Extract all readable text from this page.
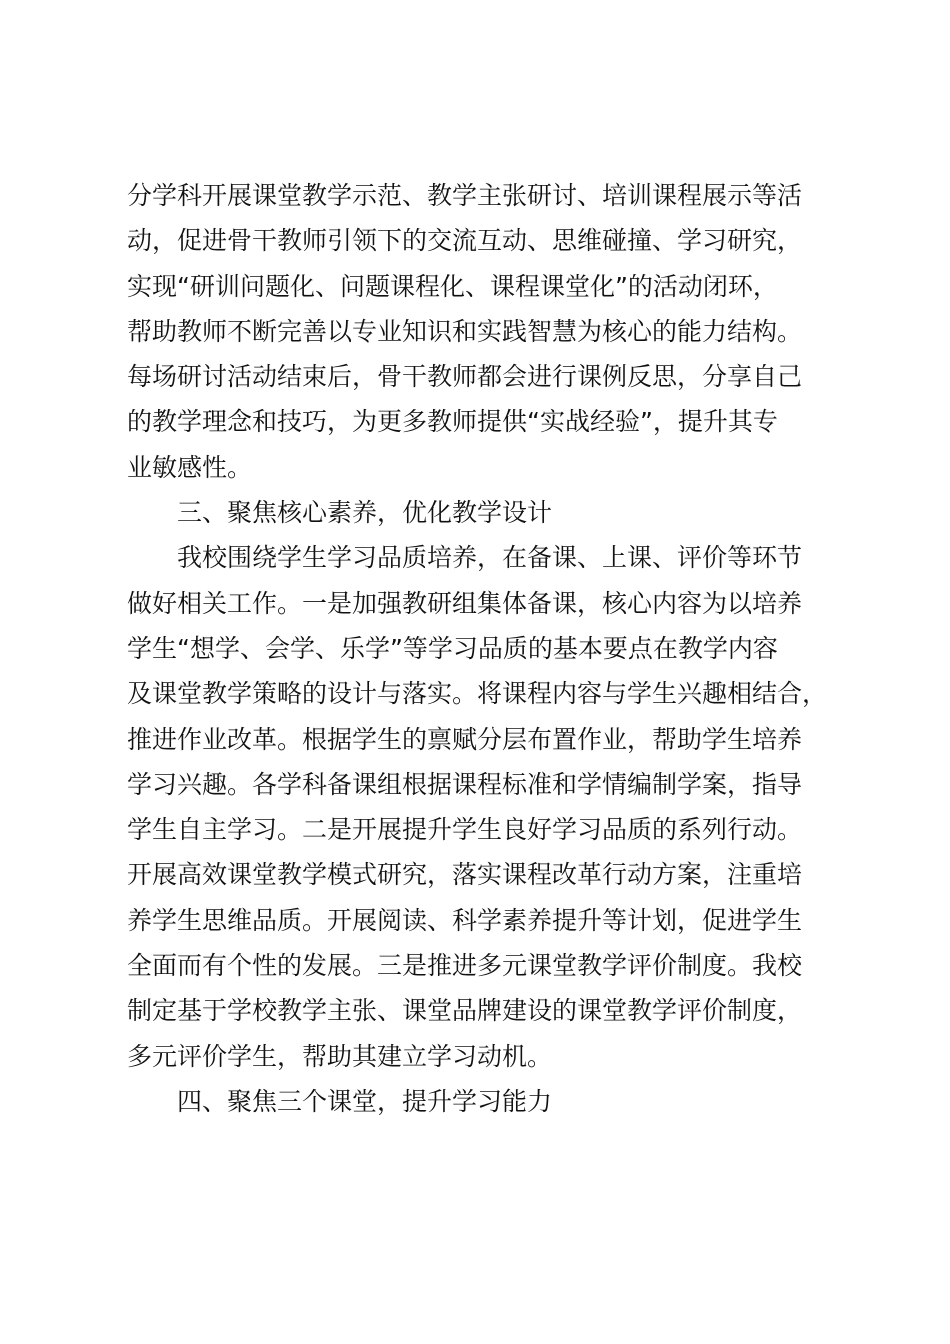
分学科开展课堂教学示范、教学主张研讨、培训课程展示等活
动，促进骨干教师引领下的交流互动、思维碰撞、学习研究，
实现“研训问题化、问题课程化、课程课堂化”的活动闭环，
帮助教师不断完善以专业知识和实践智慧为核心的能力结构。
每场研讨活动结束后，骨干教师都会进行课例反思，分享自己
的教学理念和技巧，为更多教师提供“实战经验”，提升其专
业敏感性。
三、聚焦核心素养，优化教学设计
我校围绕学生学习品质培养，在备课、上课、评价等环节
做好相关工作。一是加强教研组集体备课，核心内容为以培养
学生“想学、会学、乐学”等学习品质的基本要点在教学内容
及课堂教学策略的设计与落实。将课程内容与学生兴趣相结合，
推进作业改革。根据学生的禀赋分层布置作业，帮助学生培养
学习兴趣。各学科备课组根据课程标准和学情编制学案，指导
学生自主学习。二是开展提升学生良好学习品质的系列行动。
开展高效课堂教学模式研究，落实课程改革行动方案，注重培
养学生思维品质。开展阅读、科学素养提升等计划，促进学生
全面而有个性的发展。三是推进多元课堂教学评价制度。我校
制定基于学校教学主张、课堂品牌建设的课堂教学评价制度，
多元评价学生，帮助其建立学习动机。
四、聚焦三个课堂，提升学习能力
